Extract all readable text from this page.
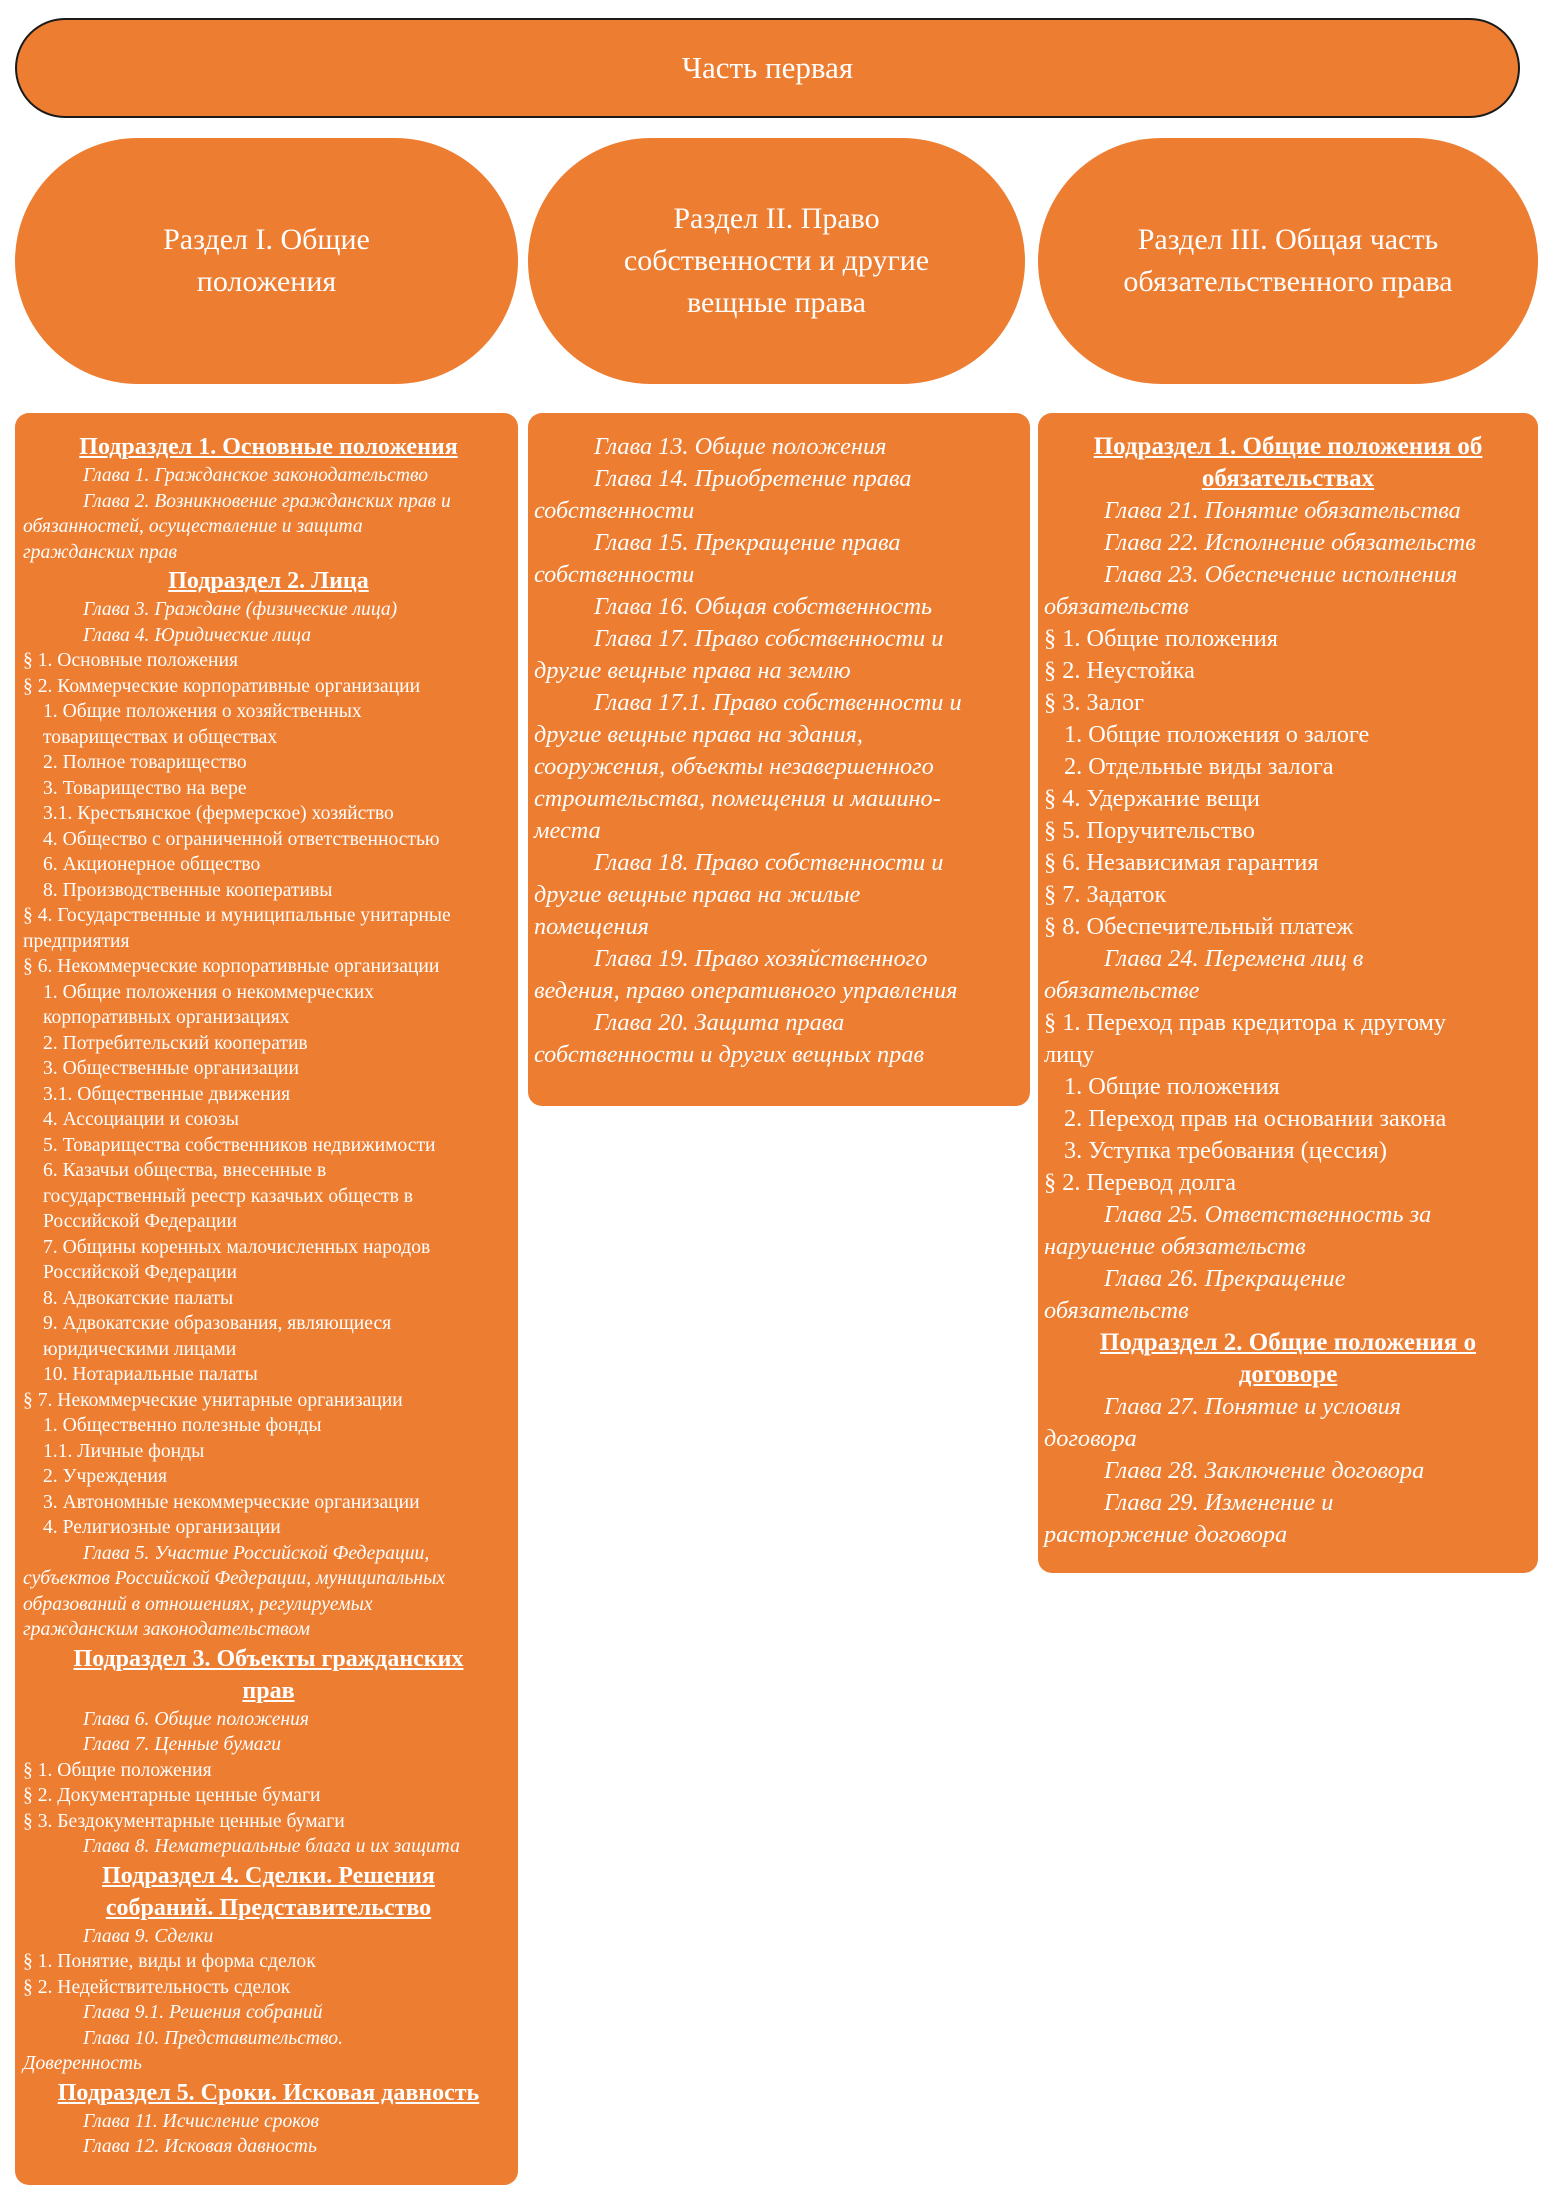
Часть первая
Раздел I. Общие
положения
Раздел II. Право
собственности и другие
вещные права
Раздел III. Общая часть
обязательственного права
Подраздел 1. Основные положения
Глава 1. Гражданское законодательство
Глава 2. Возникновение гражданских прав и
обязанностей, осуществление и защита
гражданских прав
Подраздел 2. Лица
Глава 3. Граждане (физические лица)
Глава 4. Юридические лица
§ 1. Основные положения
§ 2. Коммерческие корпоративные организации
1. Общие положения о хозяйственных
товариществах и обществах
2. Полное товарищество
3. Товарищество на вере
3.1. Крестьянское (фермерское) хозяйство
4. Общество с ограниченной ответственностью
6. Акционерное общество
8. Производственные кооперативы
§ 4. Государственные и муниципальные унитарные
предприятия
§ 6. Некоммерческие корпоративные организации
1. Общие положения о некоммерческих
корпоративных организациях
2. Потребительский кооператив
3. Общественные организации
3.1. Общественные движения
4. Ассоциации и союзы
5. Товарищества собственников недвижимости
6. Казачьи общества, внесенные в
государственный реестр казачьих обществ в
Российской Федерации
7. Общины коренных малочисленных народов
Российской Федерации
8. Адвокатские палаты
9. Адвокатские образования, являющиеся
юридическими лицами
10. Нотариальные палаты
§ 7. Некоммерческие унитарные организации
1. Общественно полезные фонды
1.1. Личные фонды
2. Учреждения
3. Автономные некоммерческие организации
4. Религиозные организации
Глава 5. Участие Российской Федерации,
субъектов Российской Федерации, муниципальных
образований в отношениях, регулируемых
гражданским законодательством
Подраздел 3. Объекты гражданских
прав
Глава 6. Общие положения
Глава 7. Ценные бумаги
§ 1. Общие положения
§ 2. Документарные ценные бумаги
§ 3. Бездокументарные ценные бумаги
Глава 8. Нематериальные блага и их защита
Подраздел 4. Сделки. Решения
собраний. Представительство
Глава 9. Сделки
§ 1. Понятие, виды и форма сделок
§ 2. Недействительность сделок
Глава 9.1. Решения собраний
Глава 10. Представительство.
Доверенность
Подраздел 5. Сроки. Исковая давность
Глава 11. Исчисление сроков
Глава 12. Исковая давность
Глава 13. Общие положения
Глава 14. Приобретение права
собственности
Глава 15. Прекращение права
собственности
Глава 16. Общая собственность
Глава 17. Право собственности и
другие вещные права на землю
Глава 17.1. Право собственности и
другие вещные права на здания,
сооружения, объекты незавершенного
строительства, помещения и машино-
места
Глава 18. Право собственности и
другие вещные права на жилые
помещения
Глава 19. Право хозяйственного
ведения, право оперативного управления
Глава 20. Защита права
собственности и других вещных прав
Подраздел 1. Общие положения об
обязательствах
Глава 21. Понятие обязательства
Глава 22. Исполнение обязательств
Глава 23. Обеспечение исполнения
обязательств
§ 1. Общие положения
§ 2. Неустойка
§ 3. Залог
1. Общие положения о залоге
2. Отдельные виды залога
§ 4. Удержание вещи
§ 5. Поручительство
§ 6. Независимая гарантия
§ 7. Задаток
§ 8. Обеспечительный платеж
Глава 24. Перемена лиц в
обязательстве
§ 1. Переход прав кредитора к другому
лицу
1. Общие положения
2. Переход прав на основании закона
3. Уступка требования (цессия)
§ 2. Перевод долга
Глава 25. Ответственность за
нарушение обязательств
Глава 26. Прекращение
обязательств
Подраздел 2. Общие положения о
договоре
Глава 27. Понятие и условия
договора
Глава 28. Заключение договора
Глава 29. Изменение и
расторжение договора
